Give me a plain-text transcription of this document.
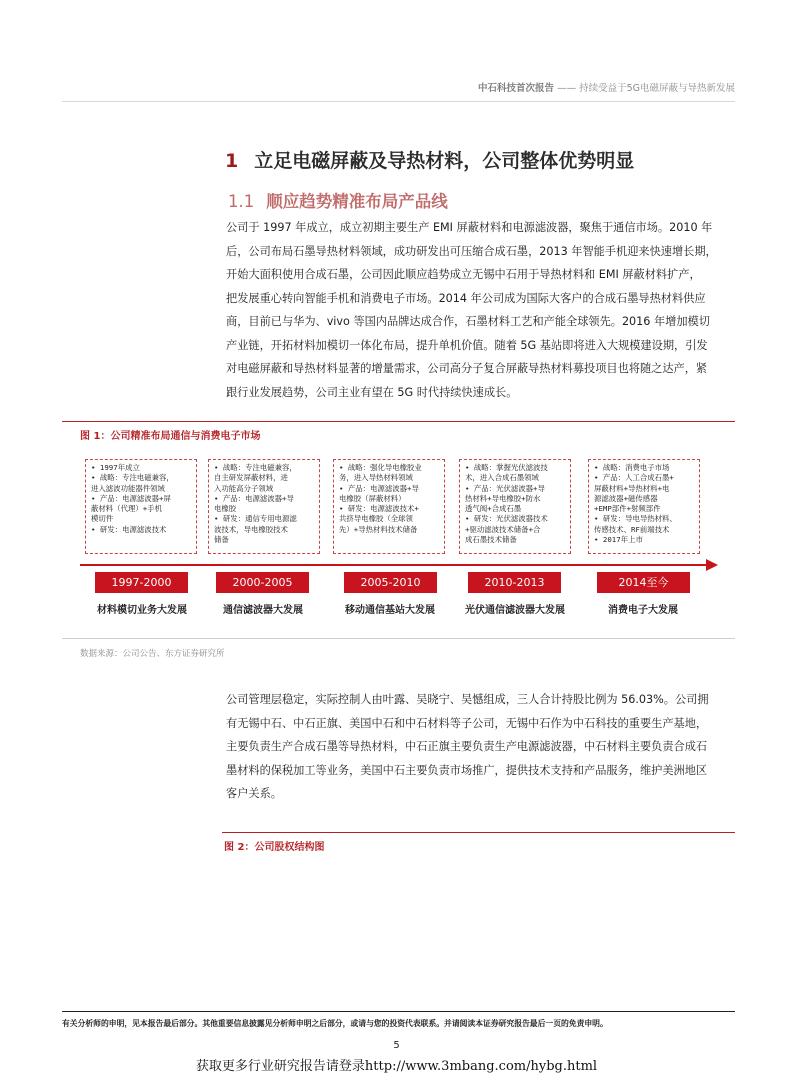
中石科技首次报告 —— 持续受益于5G电磁屏蔽与导热新发展
1 立足电磁屏蔽及导热材料，公司整体优势明显
1.1 顺应趋势精准布局产品线
公司于 1997 年成立，成立初期主要生产 EMI 屏蔽材料和电源滤波器，聚焦于通信市场。2010 年
后，公司布局石墨导热材料领域，成功研发出可压缩合成石墨，2013 年智能手机迎来快速增长期，
开始大面积使用合成石墨，公司因此顺应趋势成立无锡中石用于导热材料和 EMI 屏蔽材料扩产，
把发展重心转向智能手机和消费电子市场。2014 年公司成为国际大客户的合成石墨导热材料供应
商，目前已与华为、vivo 等国内品牌达成合作，石墨材料工艺和产能全球领先。2016 年增加模切
产业链，开拓材料加模切一体化布局，提升单机价值。随着 5G 基站即将进入大规模建设期，引发
对电磁屏蔽和导热材料显著的增量需求，公司高分子复合屏蔽导热材料募投项目也将随之达产，紧
跟行业发展趋势，公司主业有望在 5G 时代持续快速成长。
图 1：公司精准布局通信与消费电子市场
• 1997年成立
• 战略：专注电磁兼容，
进入滤波功能器件领域
• 产品：电源滤波器+屏
蔽材料（代理）+手机
模切件
• 研发：电源滤波技术
• 战略：专注电磁兼容，
自主研发屏蔽材料，进
入功能高分子领域
• 产品：电源滤波器+导
电橡胶
• 研发：通信专用电源滤
波技术，导电橡胶技术
储备
• 战略：强化导电橡胶业
务，进入导热材料领域
• 产品：电源滤波器+导
电橡胶（屏蔽材料）
• 研发：电源滤波技术+
共挤导电橡胶（全球领
先）+导热材料技术储备
• 战略：掌握光伏滤波技
术，进入合成石墨领域
• 产品：光伏滤波器+导
热材料+导电橡胶+防水
透气阀+合成石墨
• 研发：光伏滤波器技术
+驱动滤波技术储备+合
成石墨技术储备
• 战略：消费电子市场
• 产品：人工合成石墨+
屏蔽材料+导热材料+电
源滤波器+磁传感器
+EMP部件+射频部件
• 研发：导电导热材料、
传感技术、RF前端技术
• 2017年上市
1997-2000	2000-2005	2005-2010	2010-2013	2014至今
材料模切业务大发展	通信滤波器大发展	移动通信基站大发展	光伏通信滤波器大发展	消费电子大发展
数据来源：公司公告、东方证券研究所
公司管理层稳定，实际控制人由叶露、吴晓宁、吴憾组成，三人合计持股比例为 56.03%。公司拥
有无锡中石、中石正旗、美国中石和中石材料等子公司，无锡中石作为中石科技的重要生产基地，
主要负责生产合成石墨等导热材料，中石正旗主要负责生产电源滤波器，中石材料主要负责合成石
墨材料的保税加工等业务，美国中石主要负责市场推广，提供技术支持和产品服务，维护美洲地区
客户关系。
图 2：公司股权结构图
有关分析师的申明，见本报告最后部分。其他重要信息披露见分析师申明之后部分，或请与您的投资代表联系。并请阅读本证券研究报告最后一页的免责申明。
5
获取更多行业研究报告请登录http://www.3mbang.com/hybg.html
